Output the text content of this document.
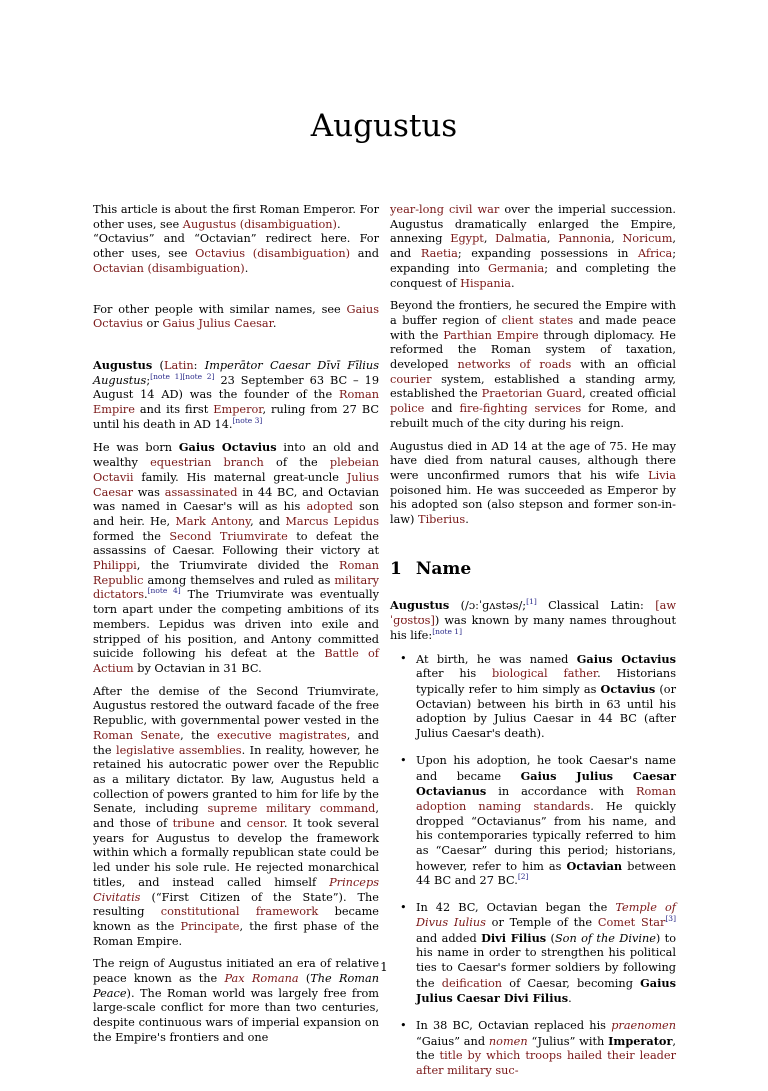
Augustus

This article is about the first Roman Emperor. For other uses, see Augustus (disambiguation).
“Octavius” and “Octavian” redirect here. For other uses, see Octavius (disambiguation) and Octavian (disambiguation).

For other people with similar names, see Gaius Octavius or Gaius Julius Caesar.

Augustus (Latin: Imperātor Caesar Dīvī Fīlius Augustus;[note 1][note 2] 23 September 63 BC – 19 August 14 AD) was the founder of the Roman Empire and its first Emperor, ruling from 27 BC until his death in AD 14.[note 3]

He was born Gaius Octavius into an old and wealthy equestrian branch of the plebeian Octavii family. His maternal great-uncle Julius Caesar was assassinated in 44 BC, and Octavian was named in Caesar's will as his adopted son and heir. He, Mark Antony, and Marcus Lepidus formed the Second Triumvirate to defeat the assassins of Caesar. Following their victory at Philippi, the Triumvirate divided the Roman Republic among themselves and ruled as military dictators.[note 4] The Triumvirate was eventually torn apart under the competing ambitions of its members. Lepidus was driven into exile and stripped of his position, and Antony committed suicide following his defeat at the Battle of Actium by Octavian in 31 BC.

After the demise of the Second Triumvirate, Augustus restored the outward facade of the free Republic, with governmental power vested in the Roman Senate, the executive magistrates, and the legislative assemblies. In reality, however, he retained his autocratic power over the Republic as a military dictator. By law, Augustus held a collection of powers granted to him for life by the Senate, including supreme military command, and those of tribune and censor. It took several years for Augustus to develop the framework within which a formally republican state could be led under his sole rule. He rejected monarchical titles, and instead called himself Princeps Civitatis (“First Citizen of the State”). The resulting constitutional framework became known as the Principate, the first phase of the Roman Empire.

The reign of Augustus initiated an era of relative peace known as the Pax Romana (The Roman Peace). The Roman world was largely free from large-scale conflict for more than two centuries, despite continuous wars of imperial expansion on the Empire's frontiers and one

year-long civil war over the imperial succession. Augustus dramatically enlarged the Empire, annexing Egypt, Dalmatia, Pannonia, Noricum, and Raetia; expanding possessions in Africa; expanding into Germania; and completing the conquest of Hispania.

Beyond the frontiers, he secured the Empire with a buffer region of client states and made peace with the Parthian Empire through diplomacy. He reformed the Roman system of taxation, developed networks of roads with an official courier system, established a standing army, established the Praetorian Guard, created official police and fire-fighting services for Rome, and rebuilt much of the city during his reign.

Augustus died in AD 14 at the age of 75. He may have died from natural causes, although there were unconfirmed rumors that his wife Livia poisoned him. He was succeeded as Emperor by his adopted son (also stepson and former son-in-law) Tiberius.

1 Name

Augustus (/ɔːˈɡʌstəs/;[1] Classical Latin: [awˈɡʊstʊs]) was known by many names throughout his life:[note 1]

• At birth, he was named Gaius Octavius after his biological father. Historians typically refer to him simply as Octavius (or Octavian) between his birth in 63 until his adoption by Julius Caesar in 44 BC (after Julius Caesar's death).
• Upon his adoption, he took Caesar's name and became Gaius Julius Caesar Octavianus in accordance with Roman adoption naming standards. He quickly dropped “Octavianus” from his name, and his contemporaries typically referred to him as “Caesar” during this period; historians, however, refer to him as Octavian between 44 BC and 27 BC.[2]
• In 42 BC, Octavian began the Temple of Divus Iulius or Temple of the Comet Star[3] and added Divi Filius (Son of the Divine) to his name in order to strengthen his political ties to Caesar's former soldiers by following the deification of Caesar, becoming Gaius Julius Caesar Divi Filius.
• In 38 BC, Octavian replaced his praenomen “Gaius” and nomen “Julius” with Imperator, the title by which troops hailed their leader after military suc-
1
